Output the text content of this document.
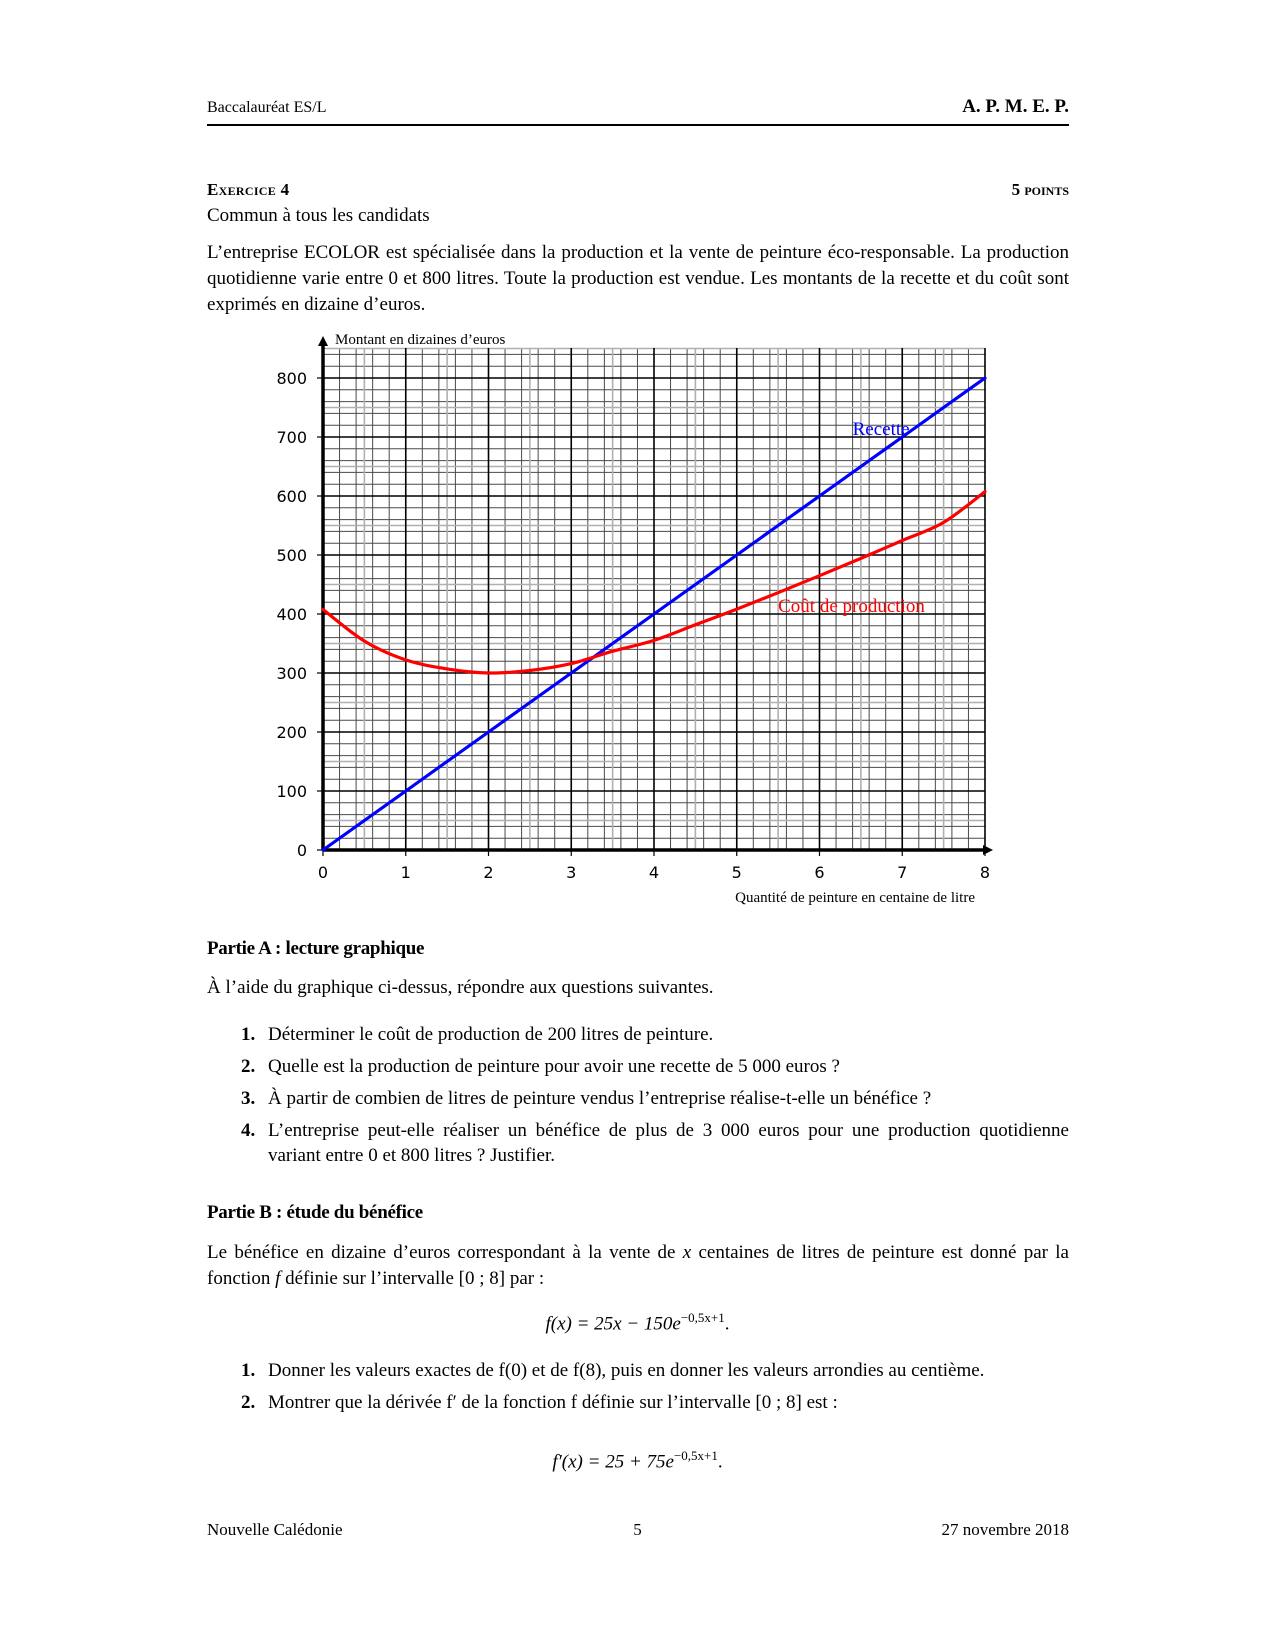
Baccalauréat ES/L	A. P. M. E. P.
Exercice 4	5 points
Commun à tous les candidats
L’entreprise ECOLOR est spécialisée dans la production et la vente de peinture éco-responsable. La production quotidienne varie entre 0 et 800 litres. Toute la production est vendue. Les montants de la recette et du coût sont exprimés en dizaine d’euros.
0	1	2	3	4	5	6	7	8
0
100
200
300
400
500
600
700
800
Recette
Coût de production
Montant en dizaines d’euros
Quantité de peinture en centaine de litre
Partie A : lecture graphique
À l’aide du graphique ci-dessus, répondre aux questions suivantes.
1. Déterminer le coût de production de 200 litres de peinture.
2. Quelle est la production de peinture pour avoir une recette de 5 000 euros ?
3. À partir de combien de litres de peinture vendus l’entreprise réalise-t-elle un bénéfice ?
4. L’entreprise peut-elle réaliser un bénéfice de plus de 3 000 euros pour une production quotidienne variant entre 0 et 800 litres ? Justifier.
Partie B : étude du bénéfice
Le bénéfice en dizaine d’euros correspondant à la vente de x centaines de litres de peinture est donné par la fonction f définie sur l’intervalle [0 ; 8] par :
$f(x) = 25x - 150e^{-0,5x+1}$.
1. Donner les valeurs exactes de f(0) et de f(8), puis en donner les valeurs arrondies au centième.
2. Montrer que la dérivée f′ de la fonction f définie sur l’intervalle [0 ; 8] est :
$f'(x) = 25 + 75e^{-0,5x+1}$.
Nouvelle Calédonie	5	27 novembre 2018
